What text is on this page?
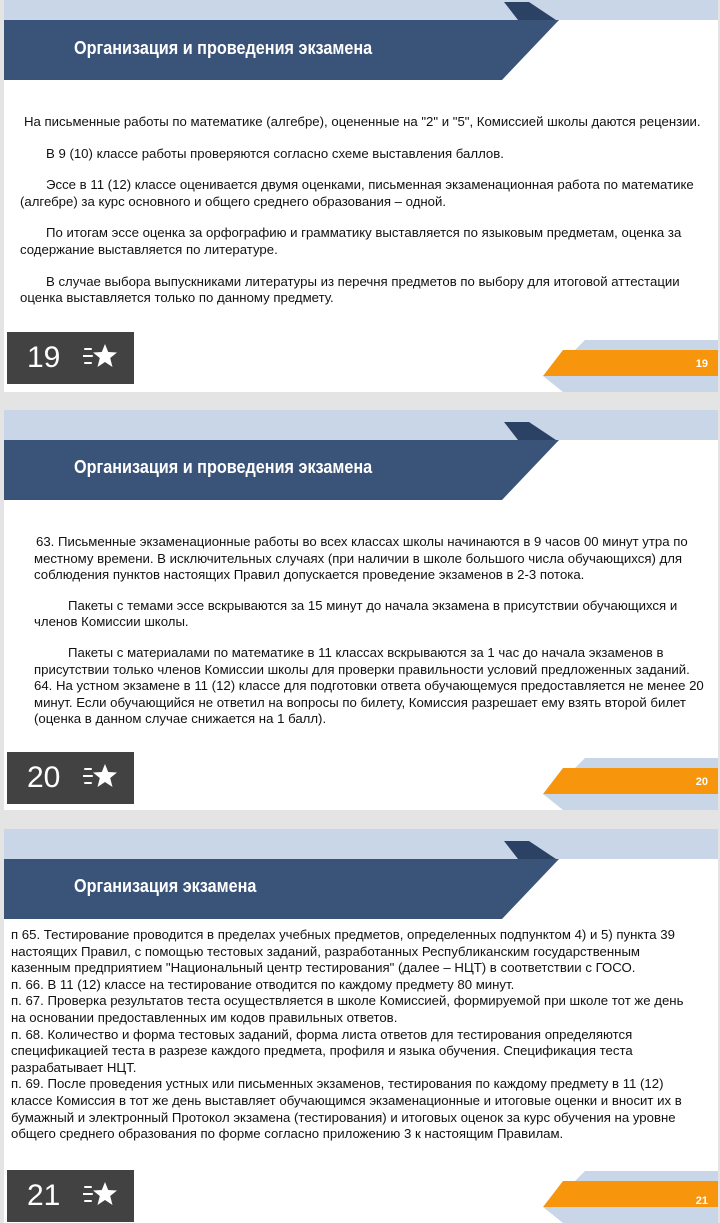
Организация и проведения экзамена

На письменные работы по математике (алгебре), оцененные на "2" и "5", Комиссией школы даются рецензии.

В 9 (10) классе работы проверяются согласно схеме выставления баллов.

Эссе в 11 (12) классе оценивается двумя оценками, письменная экзаменационная работа по математике (алгебре) за курс основного и общего среднего образования – одной.

По итогам эссе оценка за орфографию и грамматику выставляется по языковым предметам, оценка за содержание выставляется по литературе.

В случае выбора выпускниками литературы из перечня предметов по выбору для итоговой аттестации оценка выставляется только по данному предмету.

19
19
Организация и проведения экзамена

63. Письменные экзаменационные работы во всех классах школы начинаются в 9 часов 00 минут утра по местному времени. В исключительных случаях (при наличии в школе большого числа обучающихся) для соблюдения пунктов настоящих Правил допускается проведение экзаменов в 2-3 потока.

Пакеты с темами эссе вскрываются за 15 минут до начала экзамена в присутствии обучающихся и членов Комиссии школы.

Пакеты с материалами по математике в 11 классах вскрываются за 1 час до начала экзаменов в присутствии только членов Комиссии школы для проверки правильности условий предложенных заданий.

64. На устном экзамене в 11 (12) классе для подготовки ответа обучающемуся предоставляется не менее 20 минут. Если обучающийся не ответил на вопросы по билету, Комиссия разрешает ему взять второй билет (оценка в данном случае снижается на 1 балл).

20
20
Организация экзамена

п 65. Тестирование проводится в пределах учебных предметов, определенных подпунктом 4) и 5) пункта 39 настоящих Правил, с помощью тестовых заданий, разработанных Республиканским государственным казенным предприятием "Национальный центр тестирования" (далее – НЦТ) в соответствии с ГОСО.

п. 66. В 11 (12) классе на тестирование отводится по каждому предмету 80 минут.

п. 67. Проверка результатов теста осуществляется в школе Комиссией, формируемой при школе тот же день на основании предоставленных им кодов правильных ответов.

п. 68. Количество и форма тестовых заданий, форма листа ответов для тестирования определяются спецификацией теста в разрезе каждого предмета, профиля и языка обучения. Спецификация теста разрабатывает НЦТ.

п. 69. После проведения устных или письменных экзаменов, тестирования по каждому предмету в 11 (12) классе Комиссия в тот же день выставляет обучающимся экзаменационные и итоговые оценки и вносит их в бумажный и электронный Протокол экзамена (тестирования) и итоговых оценок за курс обучения на уровне общего среднего образования по форме согласно приложению 3 к настоящим Правилам.

21
21
